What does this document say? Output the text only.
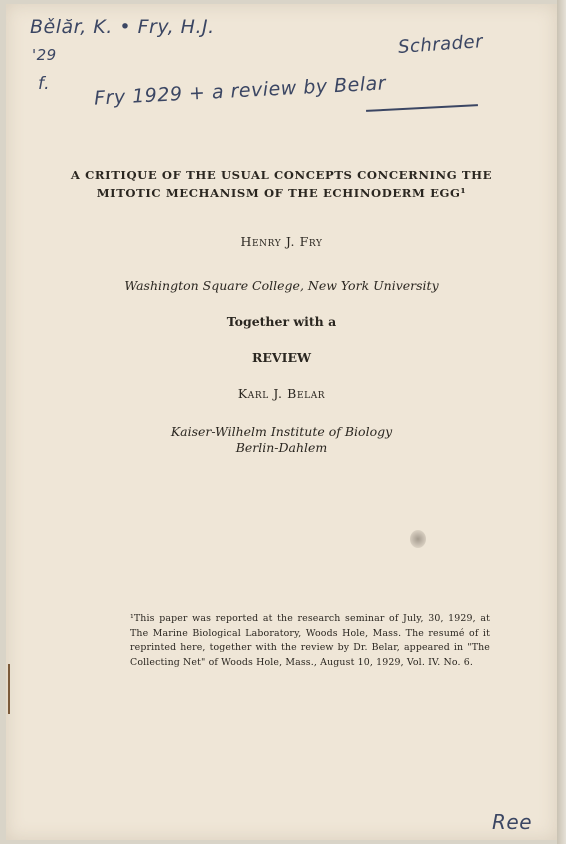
Bělăr, K. • Fry, H.J.
'29
f.
Schrader
Fry 1929 + a review by Belar
A CRITIQUE OF THE USUAL CONCEPTS CONCERNING THE
MITOTIC MECHANISM OF THE ECHINODERM EGG¹
Henry J. Fry
Washington Square College, New York University
Together with a
REVIEW
Karl J. Belar
Kaiser-Wilhelm Institute of Biology
Berlin-Dahlem
¹This paper was reported at the research seminar of July, 30, 1929, at The Marine Biological Laboratory, Woods Hole, Mass. The resumé of it reprinted here, together with the review by Dr. Belar, appeared in "The Collecting Net" of Woods Hole, Mass., August 10, 1929, Vol. IV. No. 6.
Ree
